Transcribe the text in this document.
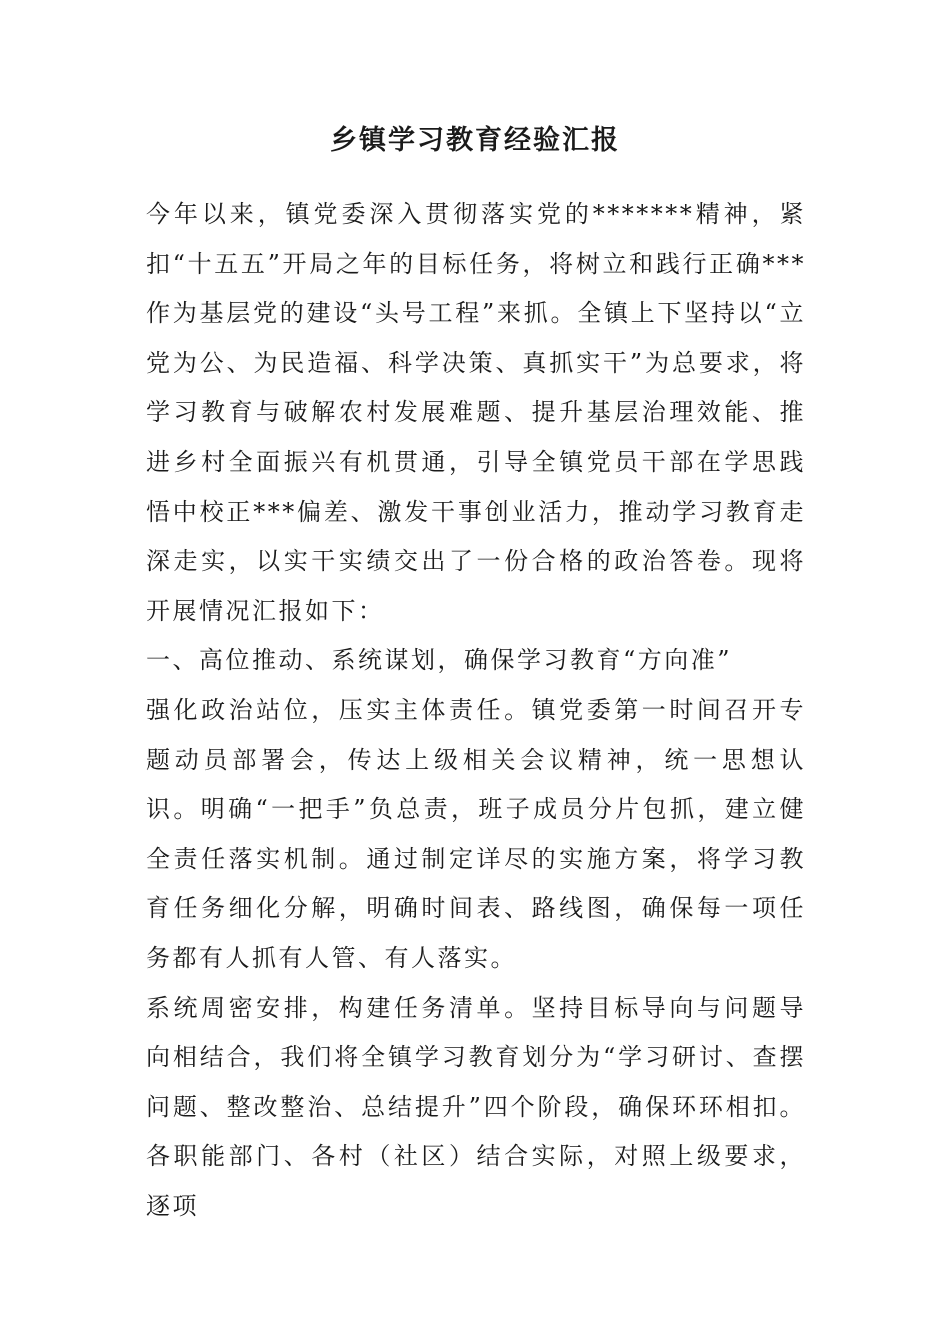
乡镇学习教育经验汇报

今年以来，镇党委深入贯彻落实党的*******精神，紧扣“十五五”开局之年的目标任务，将树立和践行正确***作为基层党的建设“头号工程”来抓。全镇上下坚持以“立党为公、为民造福、科学决策、真抓实干”为总要求，将学习教育与破解农村发展难题、提升基层治理效能、推进乡村全面振兴有机贯通，引导全镇党员干部在学思践悟中校正***偏差、激发干事创业活力，推动学习教育走深走实，以实干实绩交出了一份合格的政治答卷。现将开展情况汇报如下：

一、高位推动、系统谋划，确保学习教育“方向准”

强化政治站位，压实主体责任。镇党委第一时间召开专题动员部署会，传达上级相关会议精神，统一思想认识。明确“一把手”负总责，班子成员分片包抓，建立健全责任落实机制。通过制定详尽的实施方案，将学习教育任务细化分解，明确时间表、路线图，确保每一项任务都有人抓有人管、有人落实。

系统周密安排，构建任务清单。坚持目标导向与问题导向相结合，我们将全镇学习教育划分为“学习研讨、查摆问题、整改整治、总结提升”四个阶段，确保环环相扣。各职能部门、各村（社区）结合实际，对照上级要求，逐项
